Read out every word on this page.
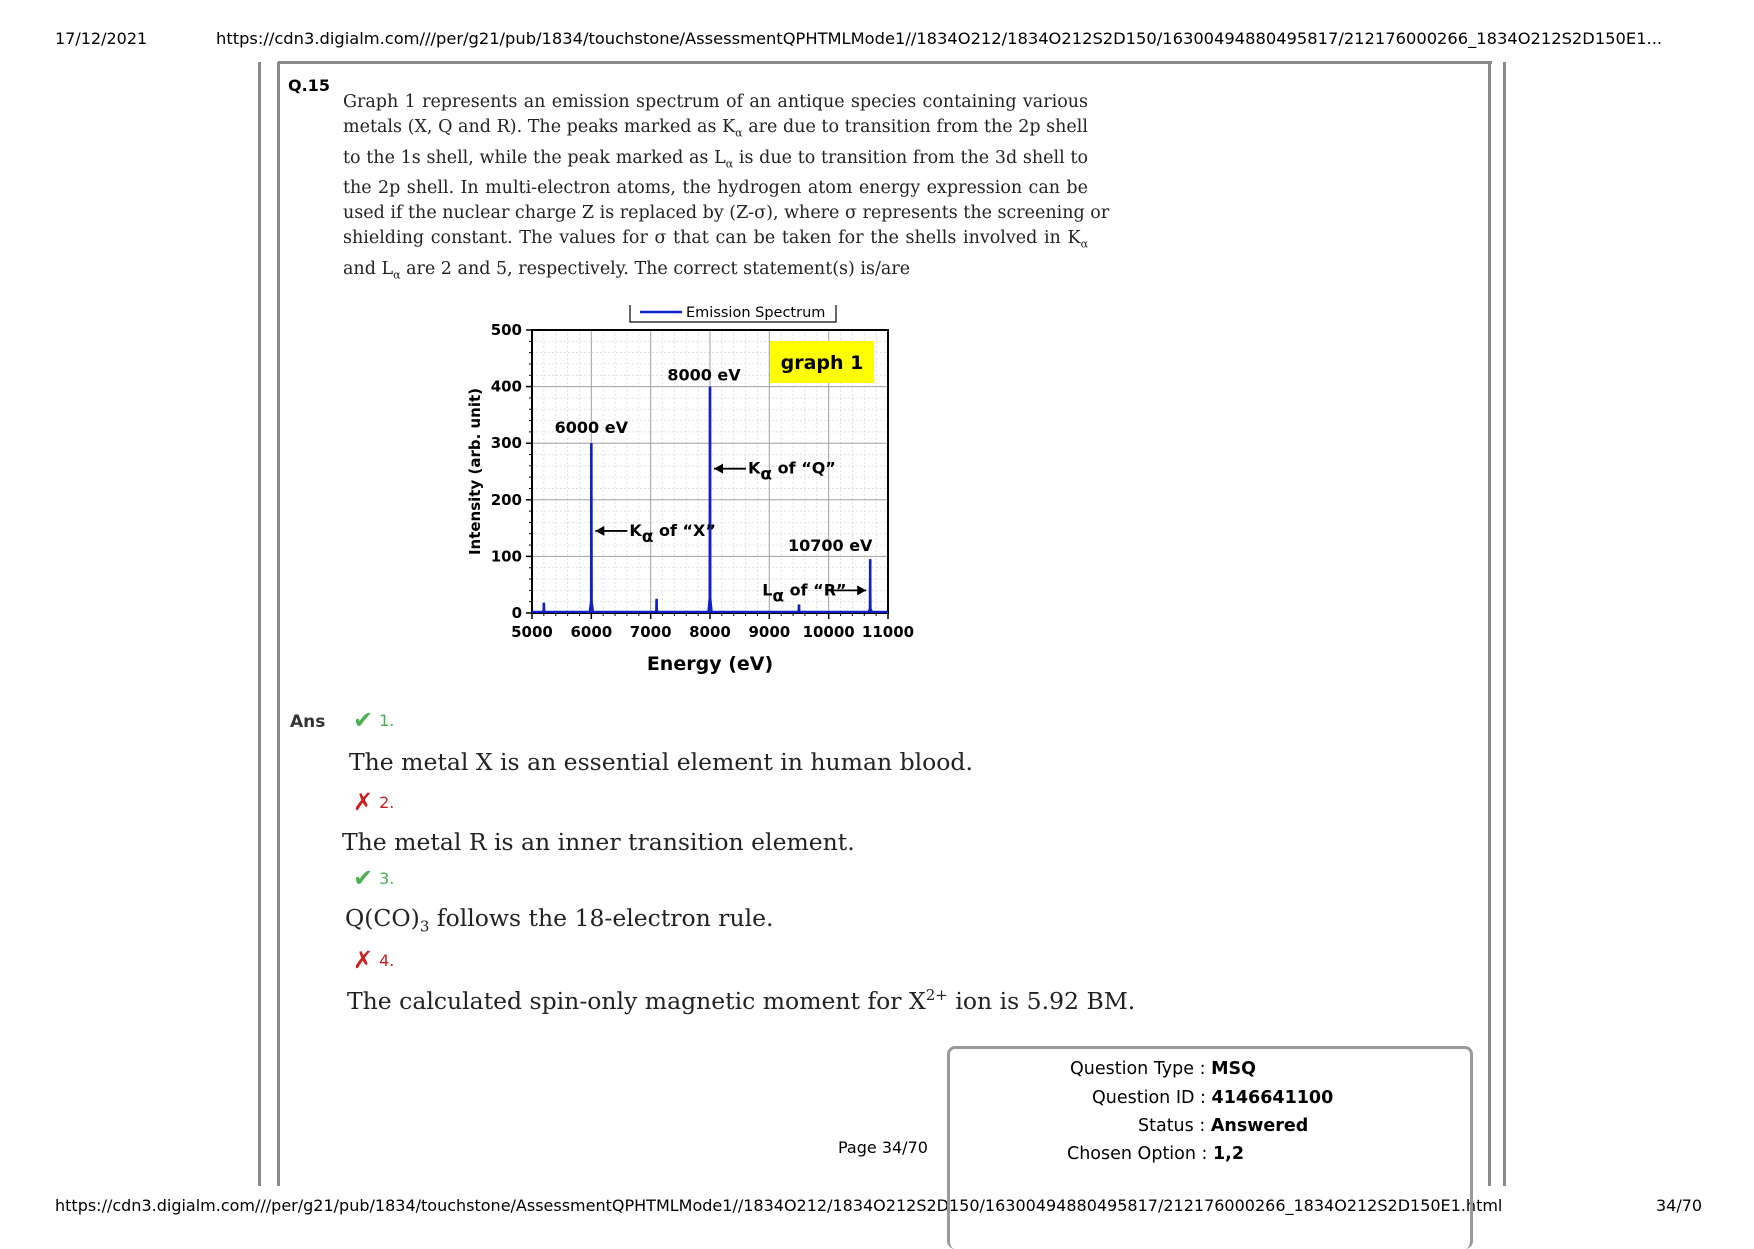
17/12/2021	https://cdn3.digialm.com///per/g21/pub/1834/touchstone/AssessmentQPHTMLMode1//1834O212/1834O212S2D150/16300494880495817/212176000266_1834O212S2D150E1...
https://cdn3.digialm.com///per/g21/pub/1834/touchstone/AssessmentQPHTMLMode1//1834O212/1834O212S2D150/16300494880495817/212176000266_1834O212S2D150E1.html	34/70
Q.15
Graph 1 represents an emission spectrum of an antique species containing various
metals (X, Q and R). The peaks marked as $K_\alpha$ are due to transition from the 2p shell
to the 1s shell, while the peak marked as $L_\alpha$ is due to transition from the 3d shell to
the 2p shell. In multi-electron atoms, the hydrogen atom energy expression can be
used if the nuclear charge Z is replaced by (Z-σ), where σ represents the screening or
shielding constant. The values for σ that can be taken for the shells involved in $K_\alpha$
and $L_\alpha$ are 2 and 5, respectively. The correct statement(s) is/are
5000 6000 7000 8000 9000 10000 11000
0
100
200
300
400
500
Energy (eV)
Intensity (arb. unit)
Emission Spectrum
graph 1
6000 eV
8000 eV
10700 eV
Kα of “X”
Kα of “Q”
Lα of “R”
Ans ✔ 1.
The metal X is an essential element in human blood.
✗ 2.
The metal R is an inner transition element.
✔ 3.
$Q(CO)_3$ follows the 18-electron rule.
✗ 4.
The calculated spin-only magnetic moment for $X^{2+}$ ion is 5.92 BM.
Question Type : MSQ
Question ID : 4146641100
Status : Answered
Chosen Option : 1,2
Page 34/70
